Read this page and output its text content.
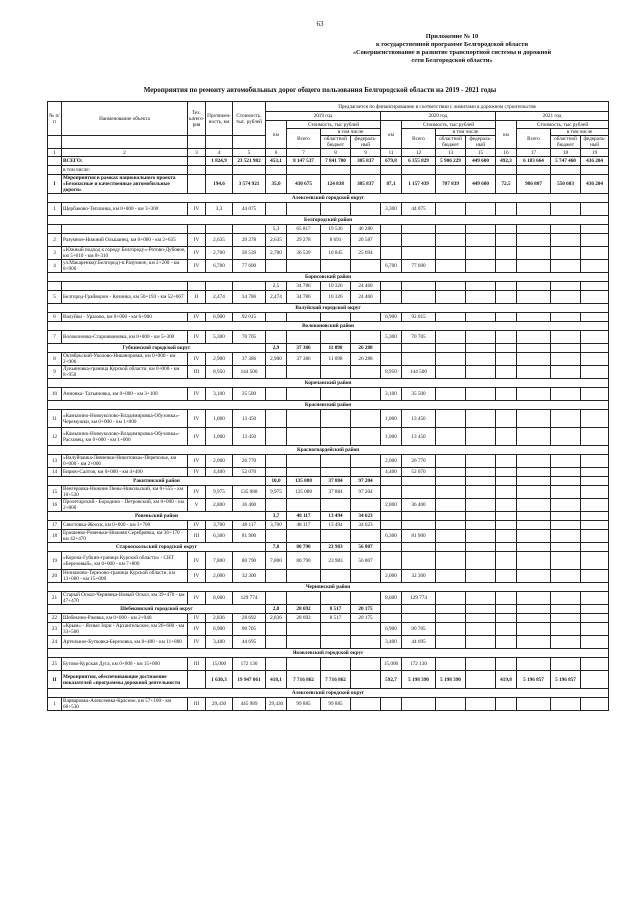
63
Приложение № 10
к государственной программе Белгородской области
«Совершенствование и развитие транспортной системы и дорожной
сети Белгородской области»
Мероприятия по ремонту автомобильных дорог общего пользования Белгородской области на 2019 - 2021 годы
№ п/п	Наименование объекта	Тех. категория	Протяженность, км	Стоимость, тыс. рублей	Предлагается по финансированию в соответствии с лимитами в дорожном строительстве											
					2019 год				2020 год				2021 год			
					км	Стоимость, тыс рублей			км	Стоимость, тыс рублей			км	Стоимость, тыс рублей		
						Всего	в том числе			Всего	в том числе			Всего	в том числе	
							областной бюджет	федеральный			областной бюджет	федеральный			областной бюджет	федеральный
1	2	3	4	5	6	7	8	9	11	12	13	15	16	17	18	19
	ВСЕГО:		1 824,9	23 521 982	453,1	8 147 537	7 841 700	305 837	679,8	6 355 829	5 906 229	449 600	492,3	6 183 664	5 747 460	436 204
	в том числе:															
I	Мероприятия в рамках национального проекта «Безопасные и качественные автомобильные дороги»		194,6	3 574 921	35,0	430 675	124 838	305 837	87,1	1 157 439	707 839	449 600	72,5	986 807	550 603	436 204
Алексеевский городской округ																
1	Щербаково-Теплинка, км 0+000 - км 3+300	IV	3,3	44 075					3,300	44 075						
Белгородский район																
					5,3	65 817	19 536	46 280								
2	Разумное-Нижний Ольшанец, км 0+000 - км 2+635	IV	2,635	29 278	2,635	29 278	8 691	20 587								
3	«Южный подход к городу Белгороду»-Ротово-Дубовое, км 5+610 - км 8+310	IV	2,700	36 539	2,700	36 539	10 845	25 694								
4	ул.Макаренко(г.Белгород)-п.Разумное, км 2+200 - км 8+900	IV	6,700	77 600					6,700	77 600						
Борисовский район																
					2,5	34 786	10 326	24 460								
5	Белгород-Грайворон - Козинка, км 50+193 - км 52+667	II	2,474	34 786	2,474	34 786	10 326	24 460								
Валуйский городской округ																
6	Валуйки - Уразово, км 0+000 - км 6+900	IV	6,900	92 015					6,900	92 015						
Волоконовский район																
7	Волоконовка-Староивановка, км 0+000 - км 5+300	IV	5,300	70 705					5,300	70 705						
Губкинский городской округ					2,9	37 386	11 098	26 288								
8	Октябрьский-Уколово-Никаноровка, км 0+000 - км 2+900	IV	2,900	37 386	2,900	37 386	11 098	26 288								
9	Лукьяновка-граница Курской области, км 0+000 - км 8+950	III	8,950	144 500					8,950	144 500						
Корочанский район																
10	Анновка- Татьяновка, км 0+000 - км 3+100	IV	3,100	35 500					3,100	35 500						
Красненский район																
11	«Камызино-Новоуколово-Владимировка-Обуховка»-Черемушки, км 0+000 - км 1+000	IV	1,000	13 450					1,000	13 450						
12	«Камызино-Новоуколово-Владимировка-Обуховка»-Расховец, км 0+000 - км 1+000	IV	1,000	13 450					1,000	13 450						
Красногвардейский район																
13	«Валуйчанка-Левченки-Никитовка»-Переполье, км 0+000 - км 2+000	IV	2,000	26 770					2,000	26 770						
14	Бирюч-Салтов, км 0+000 - км 4+400	IV	4,400	52 070					4,400	52 070						
Ракитянский район					10,0	135 088	37 884	97 204								
15	Венгеровка-Нижние Пены-Никольский, км 0+555 - км 10+530	IV	9,975	135 088	9,975	135 088	37 884	97 204								
16	Пролетарский - Бородино - Петровский, км 0+000 - км 2+800	V	2,800	36 400					2,800	36 400						
Ровеньский район					3,7	48 117	13 494	34 623								
17	Свистовка-Жоохи, км 0+000 - км 3+700	IV	3,700	48 117	3,700	48 117	13 494	34 623								
18	Ерошенко-Ровеньки-Нижняя Серебрянка, км 36+170 - км 42+470	III	6,300	81 900					6,300	81 900						
Старооскольский городской округ					7,8	80 790	23 983	56 807								
19	«Короча-Губкин-граница Курской области» - СНТ «Березовый», км 0+000 - км 7+800	IV	7,800	80 790	7,800	80 790	23 983	56 807								
20	Незнамово-Терехово-граница Курской области, км 13+000 - км 15+000	IV	2,000	32 300					2,000	32 300						
Чернянский район																
21	Старый Оскол-Чернянка-Новый Оскол, км 39+470 - км 47+470	IV	8,000	129 774					8,000	129 774						
Шебекинский городской округ					2,8	28 692	8 517	20 175								
22	Шебекино-Ржевка, км 0+000 - км 2+940	IV	2,836	28 692	2,836	28 692	8 517	20 175								
23	«Крым» - Ясные Зори - Архангельское, км 26+600 - км 33+500	IV	6,900	90 705					6,900	90 705						
24	Артельное-Бутковка-Березовка, км 8+400 - км 11+800	IV	3,400	44 695					3,400	44 695						
Яковлевский городской округ																
25	Бутово-Курская Дуга, км 0+000 - км 15+000	III	15,000	172 130					15,000	172 130						
II	Мероприятия, обеспечивающие достижение показателей «программы дорожной деятельности		1 630,3	19 947 061	418,1	7 716 862	7 716 862		592,7	5 198 390	5 198 390		419,8	5 196 857	5 196 857	
Алексеевский городской округ																
1	Варваровка-Алексеевка-Красное, км 57+100 - км 66+530	III	29,430	445 989	29,430	99 885	99 885									
